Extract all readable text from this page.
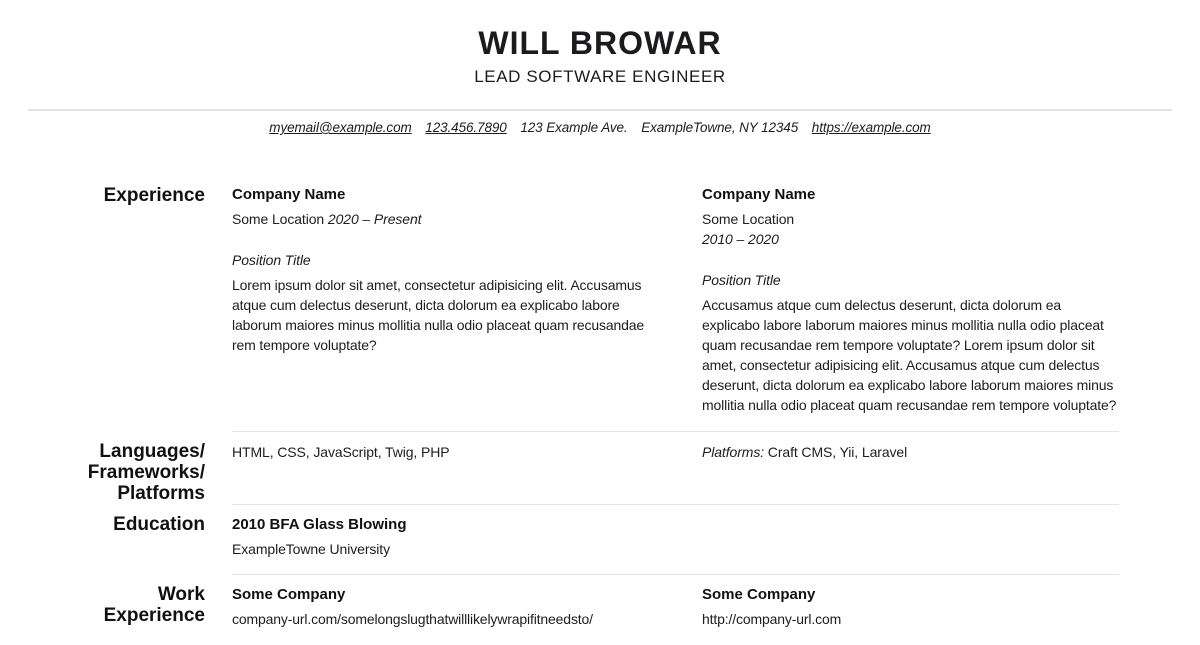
WILL BROWAR
LEAD SOFTWARE ENGINEER
myemail@example.com 123.456.7890 123 Example Ave. ExampleTowne, NY 12345 https://example.com
Experience Company Name
Some Location 2020 – Present
Position Title

Lorem ipsum dolor sit amet, consectetur adipisicing elit. Accusamus atque cum delectus deserunt, dicta dolorum ea explicabo labore laborum maiores minus mollitia nulla odio placeat quam recusandae rem tempore voluptate?

Company Name
Some Location
2010 – 2020
Position Title

Accusamus atque cum delectus deserunt, dicta dolorum ea explicabo labore laborum maiores minus mollitia nulla odio placeat quam recusandae rem tempore voluptate? Lorem ipsum dolor sit amet, consectetur adipisicing elit. Accusamus atque cum delectus deserunt, dicta dolorum ea explicabo labore laborum maiores minus mollitia nulla odio placeat quam recusandae rem tempore voluptate?

Languages/
Frameworks/
Platforms
HTML, CSS, JavaScript, Twig, PHP	Platforms: Craft CMS, Yii, Laravel
Education 2010 BFA Glass Blowing
ExampleTowne University
Work
Experience
Some Company
company-url.com/somelongslugthatwilllikelywrapifitneedsto/
Some Company
http://company-url.com
